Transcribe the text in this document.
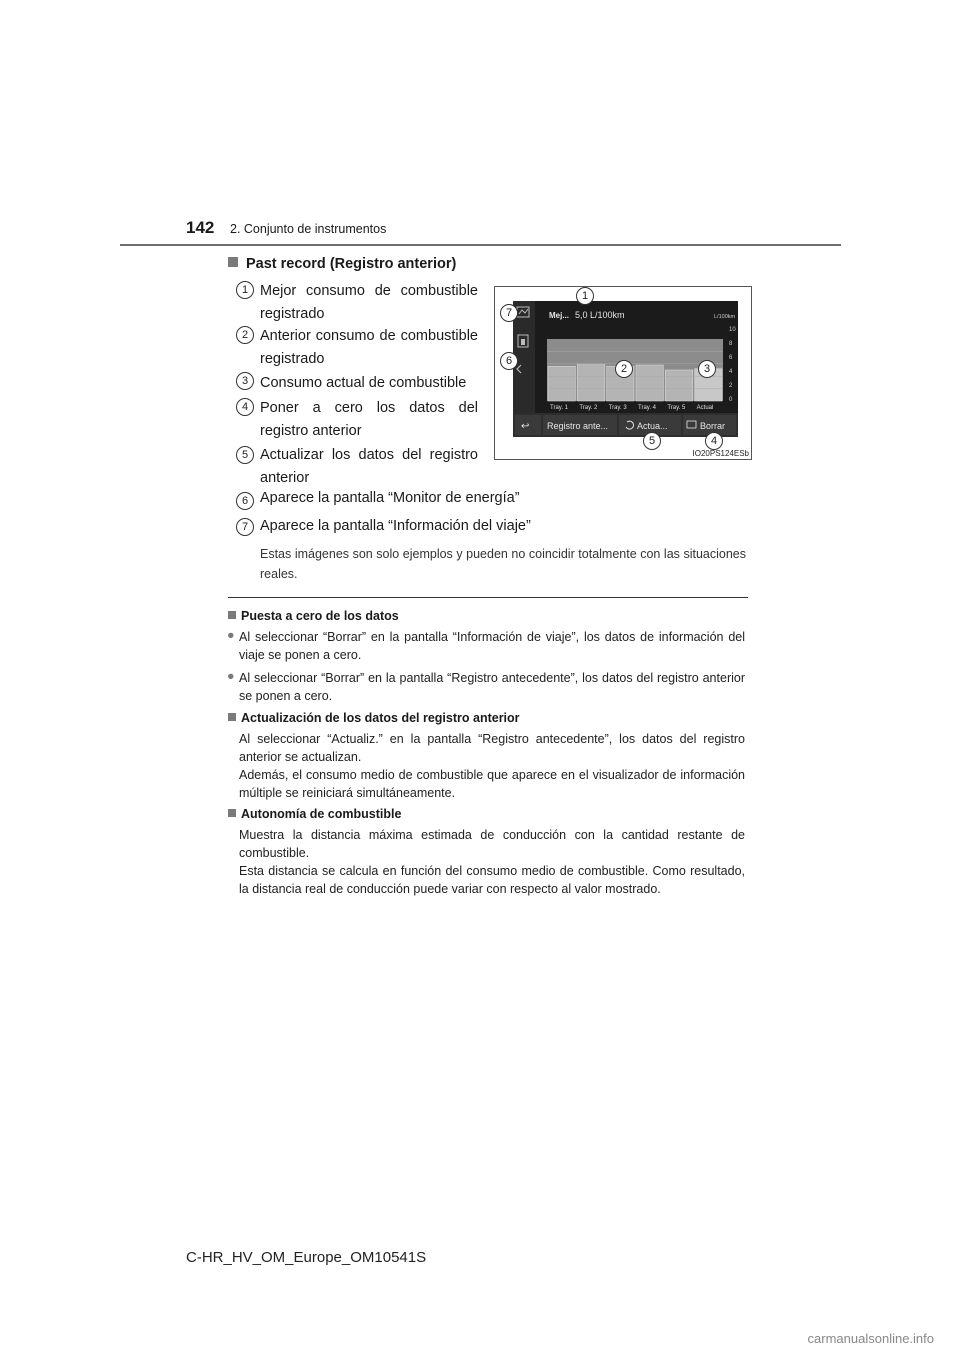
142 2. Conjunto de instrumentos
Past record (Registro anterior)
1 Mejor consumo de combustible registrado
2 Anterior consumo de combustible registrado
3 Consumo actual de combustible
4 Poner a cero los datos del registro anterior
5 Actualizar los datos del registro anterior
6 Aparece la pantalla “Monitor de energía”
7 Aparece la pantalla “Información del viaje”
Estas imágenes son solo ejemplos y pueden no coincidir totalmente con las situaciones reales.
Mej... 5,0 L/100km	L/100km
10
8
6
4
2
0
Tray. 1 Tray. 2 Tray. 3 Tray. 4 Tray. 5 Actual
↩ Registro ante...	Actua...	Borrar
1
2	3
4
5
6
7
IO20PS124ESb
Puesta a cero de los datos
● Al seleccionar “Borrar” en la pantalla “Información de viaje”, los datos de información del viaje se ponen a cero.
● Al seleccionar “Borrar” en la pantalla “Registro antecedente”, los datos del registro anterior se ponen a cero.
Actualización de los datos del registro anterior

Al seleccionar “Actualiz.” en la pantalla “Registro antecedente”, los datos del registro anterior se actualizan.

Además, el consumo medio de combustible que aparece en el visualizador de información múltiple se reiniciará simultáneamente.

Autonomía de combustible

Muestra la distancia máxima estimada de conducción con la cantidad restante de combustible.

Esta distancia se calcula en función del consumo medio de combustible. Como resultado, la distancia real de conducción puede variar con respecto al valor mostrado.

C-HR_HV_OM_Europe_OM10541S
carmanualsonline.info
